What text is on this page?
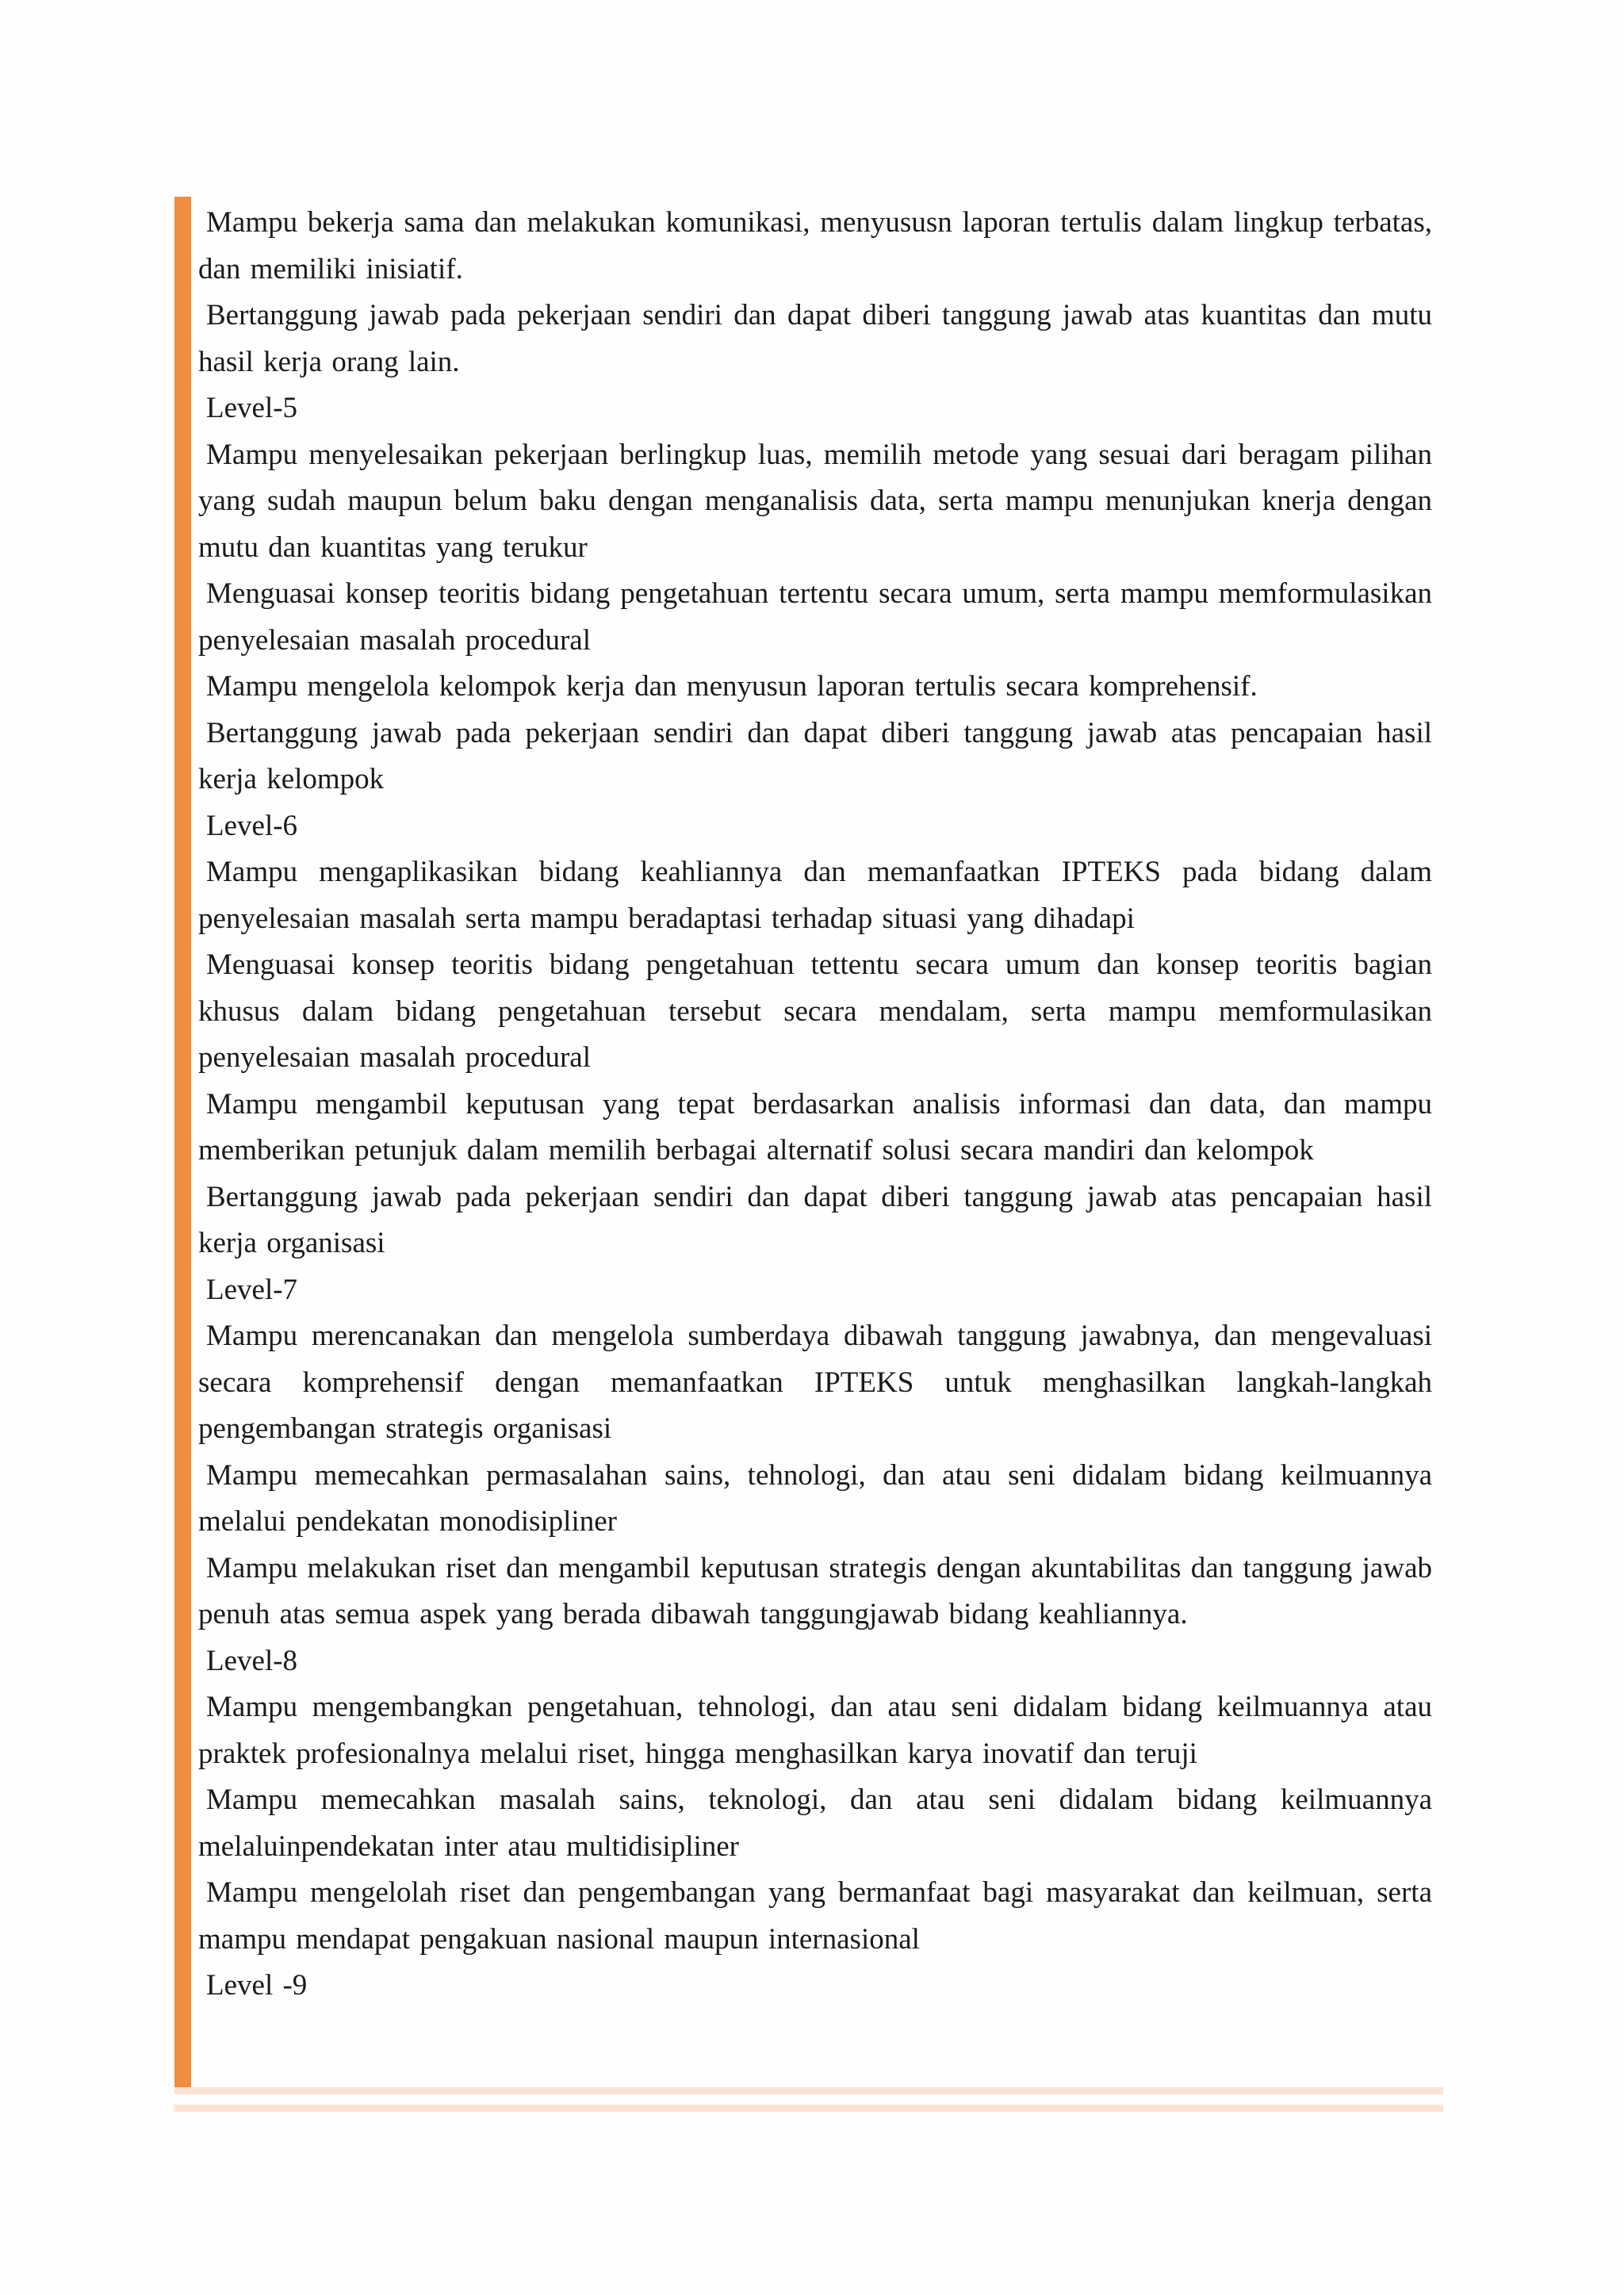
Mampu bekerja sama dan melakukan komunikasi, menyususn laporan tertulis dalam lingkup terbatas, dan memiliki inisiatif.

Bertanggung jawab pada pekerjaan sendiri dan dapat diberi tanggung jawab atas kuantitas dan mutu hasil kerja orang lain.

Level-5

Mampu menyelesaikan pekerjaan berlingkup luas, memilih metode yang sesuai dari beragam pilihan yang sudah maupun belum baku dengan menganalisis data, serta mampu menunjukan knerja dengan mutu dan kuantitas yang terukur

Menguasai konsep teoritis bidang pengetahuan tertentu secara umum, serta mampu memformulasikan penyelesaian masalah procedural

Mampu mengelola kelompok kerja dan menyusun laporan tertulis secara komprehensif.

Bertanggung jawab pada pekerjaan sendiri dan dapat diberi tanggung jawab atas pencapaian hasil kerja kelompok

Level-6

Mampu mengaplikasikan bidang keahliannya dan memanfaatkan IPTEKS pada bidang dalam penyelesaian masalah serta mampu beradaptasi terhadap situasi yang dihadapi

Menguasai konsep teoritis bidang pengetahuan tettentu secara umum dan konsep teoritis bagian khusus dalam bidang pengetahuan tersebut secara mendalam, serta mampu memformulasikan penyelesaian masalah procedural

Mampu mengambil keputusan yang tepat berdasarkan analisis informasi dan data, dan mampu memberikan petunjuk dalam memilih berbagai alternatif solusi secara mandiri dan kelompok

Bertanggung jawab pada pekerjaan sendiri dan dapat diberi tanggung jawab atas pencapaian hasil kerja organisasi

Level-7

Mampu merencanakan dan mengelola sumberdaya dibawah tanggung jawabnya, dan mengevaluasi secara komprehensif dengan memanfaatkan IPTEKS untuk menghasilkan langkah-langkah pengembangan strategis organisasi

Mampu memecahkan permasalahan sains, tehnologi, dan atau seni didalam bidang keilmuannya melalui pendekatan monodisipliner

Mampu melakukan riset dan mengambil keputusan strategis dengan akuntabilitas dan tanggung jawab penuh atas semua aspek yang berada dibawah tanggungjawab bidang keahliannya.

Level-8

Mampu mengembangkan pengetahuan, tehnologi, dan atau seni didalam bidang keilmuannya atau praktek profesionalnya melalui riset, hingga menghasilkan karya inovatif dan teruji

Mampu memecahkan masalah sains, teknologi, dan atau seni didalam bidang keilmuannya melaluinpendekatan inter atau multidisipliner

Mampu mengelolah riset dan pengembangan yang bermanfaat bagi masyarakat dan keilmuan, serta mampu mendapat pengakuan nasional maupun internasional

Level -9
